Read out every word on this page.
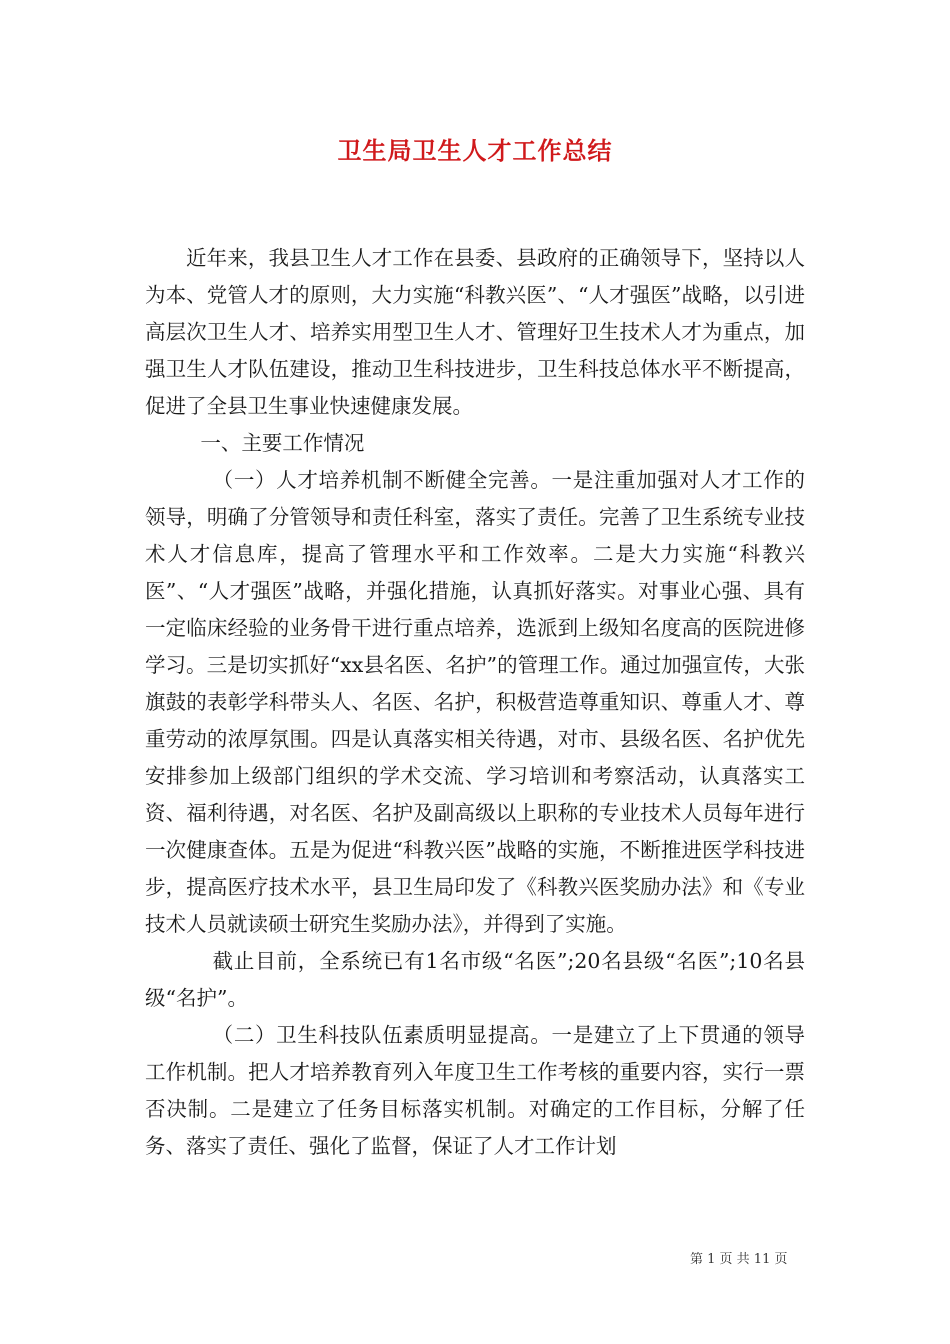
卫生局卫生人才工作总结

近年来，我县卫生人才工作在县委、县政府的正确领导下，坚持以人为本、党管人才的原则，大力实施“科教兴医”、“人才强医”战略，以引进高层次卫生人才、培养实用型卫生人才、管理好卫生技术人才为重点，加强卫生人才队伍建设，推动卫生科技进步，卫生科技总体水平不断提高，促进了全县卫生事业快速健康发展。

一、主要工作情况

（一）人才培养机制不断健全完善。一是注重加强对人才工作的领导，明确了分管领导和责任科室，落实了责任。完善了卫生系统专业技术人才信息库，提高了管理水平和工作效率。二是大力实施“科教兴医”、“人才强医”战略，并强化措施，认真抓好落实。对事业心强、具有一定临床经验的业务骨干进行重点培养，选派到上级知名度高的医院进修学习。三是切实抓好“xx县名医、名护”的管理工作。通过加强宣传，大张旗鼓的表彰学科带头人、名医、名护，积极营造尊重知识、尊重人才、尊重劳动的浓厚氛围。四是认真落实相关待遇，对市、县级名医、名护优先安排参加上级部门组织的学术交流、学习培训和考察活动，认真落实工资、福利待遇，对名医、名护及副高级以上职称的专业技术人员每年进行一次健康查体。五是为促进“科教兴医”战略的实施，不断推进医学科技进步，提高医疗技术水平，县卫生局印发了《科教兴医奖励办法》和《专业技术人员就读硕士研究生奖励办法》，并得到了实施。

截止目前，全系统已有1名市级“名医”;20名县级“名医”;10名县级“名护”。

（二）卫生科技队伍素质明显提高。一是建立了上下贯通的领导工作机制。把人才培养教育列入年度卫生工作考核的重要内容，实行一票否决制。二是建立了任务目标落实机制。对确定的工作目标，分解了任务、落实了责任、强化了监督，保证了人才工作计划

第 1 页 共 11 页
